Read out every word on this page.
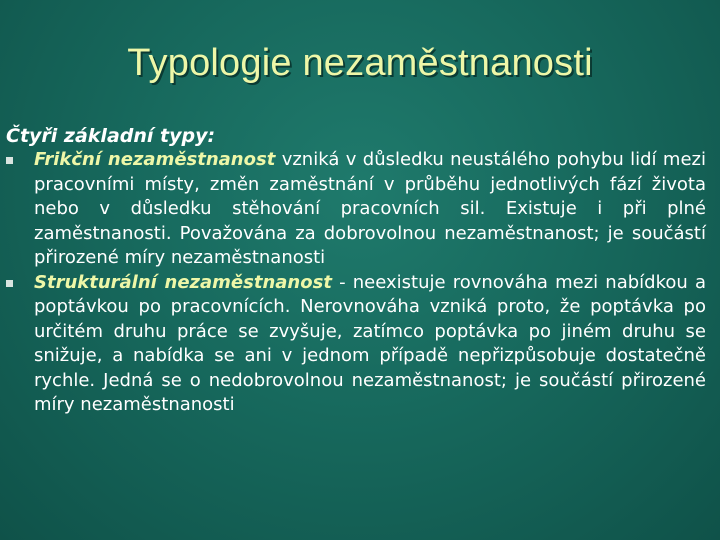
Typologie nezaměstnanosti

Čtyři základní typy:

Frikční nezaměstnanost vzniká v důsledku neustálého pohybu lidí mezi pracovními místy, změn zaměstnání v průběhu jednotlivých fází života nebo v důsledku stěhování pracovních sil. Existuje i při plné zaměstnanosti. Považována za dobrovolnou nezaměstnanost; je součástí přirozené míry nezaměstnanosti
Strukturální nezaměstnanost - neexistuje rovnováha mezi nabídkou a poptávkou po pracovnících. Nerovnováha vzniká proto, že poptávka po určitém druhu práce se zvyšuje, zatímco poptávka po jiném druhu se snižuje, a nabídka se ani v jednom případě nepřizpůsobuje dostatečně rychle. Jedná se o nedobrovolnou nezaměstnanost; je součástí přirozené míry nezaměstnanosti
